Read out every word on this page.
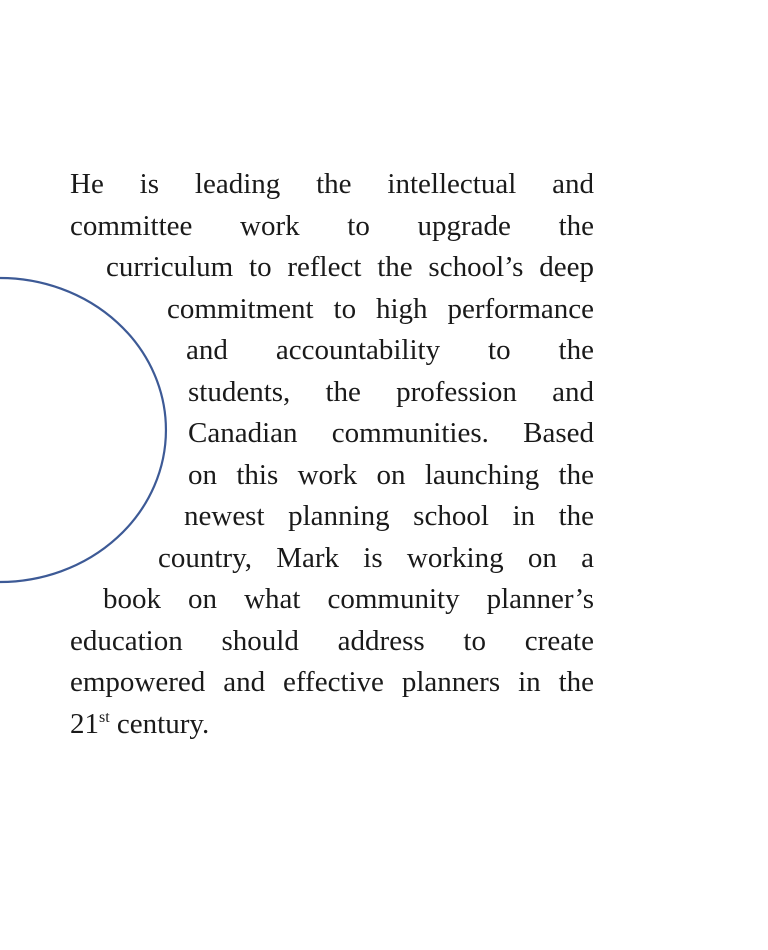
He is leading the intellectual and
committee work to upgrade the
curriculum to reflect the school’s deep
commitment to high performance
and accountability to the
students, the profession and
Canadian communities. Based
on this work on launching the
newest planning school in the
country, Mark is working on a
book on what community planner’s
education should address to create
empowered and effective planners in the
21st century.
